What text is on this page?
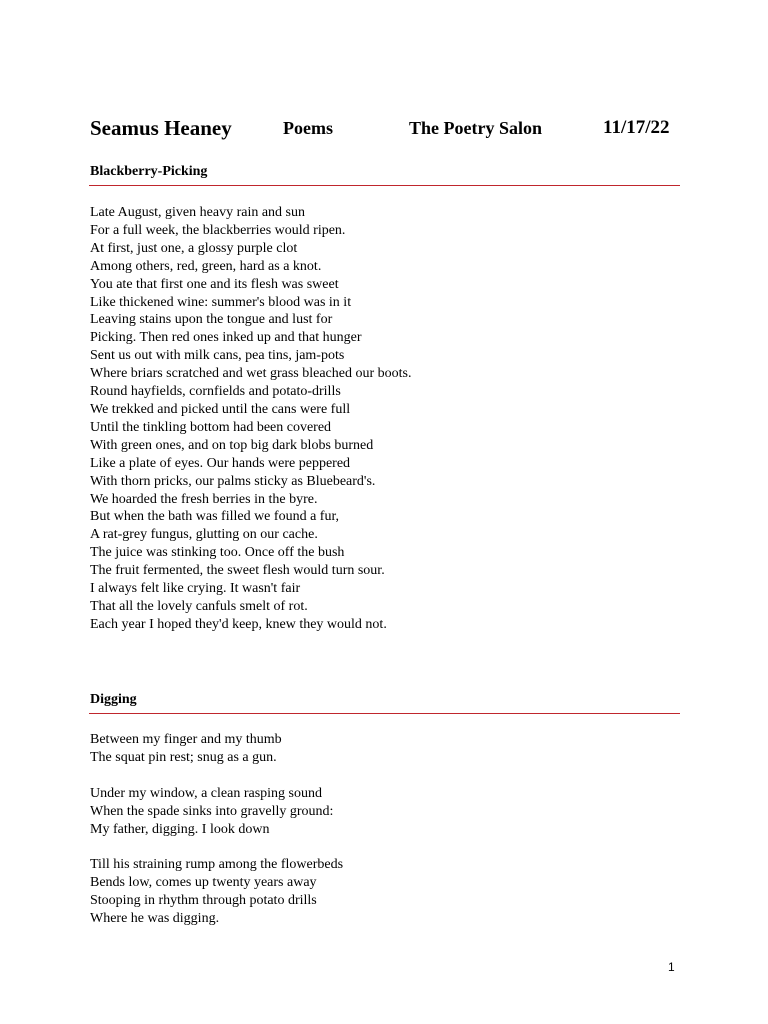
Seamus Heaney	Poems	The Poetry Salon	11/17/22
Blackberry-Picking
Late August, given heavy rain and sun
For a full week, the blackberries would ripen.
At first, just one, a glossy purple clot
Among others, red, green, hard as a knot.
You ate that first one and its flesh was sweet
Like thickened wine: summer's blood was in it
Leaving stains upon the tongue and lust for
Picking. Then red ones inked up and that hunger
Sent us out with milk cans, pea tins, jam-pots
Where briars scratched and wet grass bleached our boots.
Round hayfields, cornfields and potato-drills
We trekked and picked until the cans were full
Until the tinkling bottom had been covered
With green ones, and on top big dark blobs burned
Like a plate of eyes. Our hands were peppered
With thorn pricks, our palms sticky as Bluebeard's.
We hoarded the fresh berries in the byre.
But when the bath was filled we found a fur,
A rat-grey fungus, glutting on our cache.
The juice was stinking too. Once off the bush
The fruit fermented, the sweet flesh would turn sour.
I always felt like crying. It wasn't fair
That all the lovely canfuls smelt of rot.
Each year I hoped they'd keep, knew they would not.
Digging
Between my finger and my thumb
The squat pin rest; snug as a gun.
Under my window, a clean rasping sound
When the spade sinks into gravelly ground:
My father, digging. I look down
Till his straining rump among the flowerbeds
Bends low, comes up twenty years away
Stooping in rhythm through potato drills
Where he was digging.
1
